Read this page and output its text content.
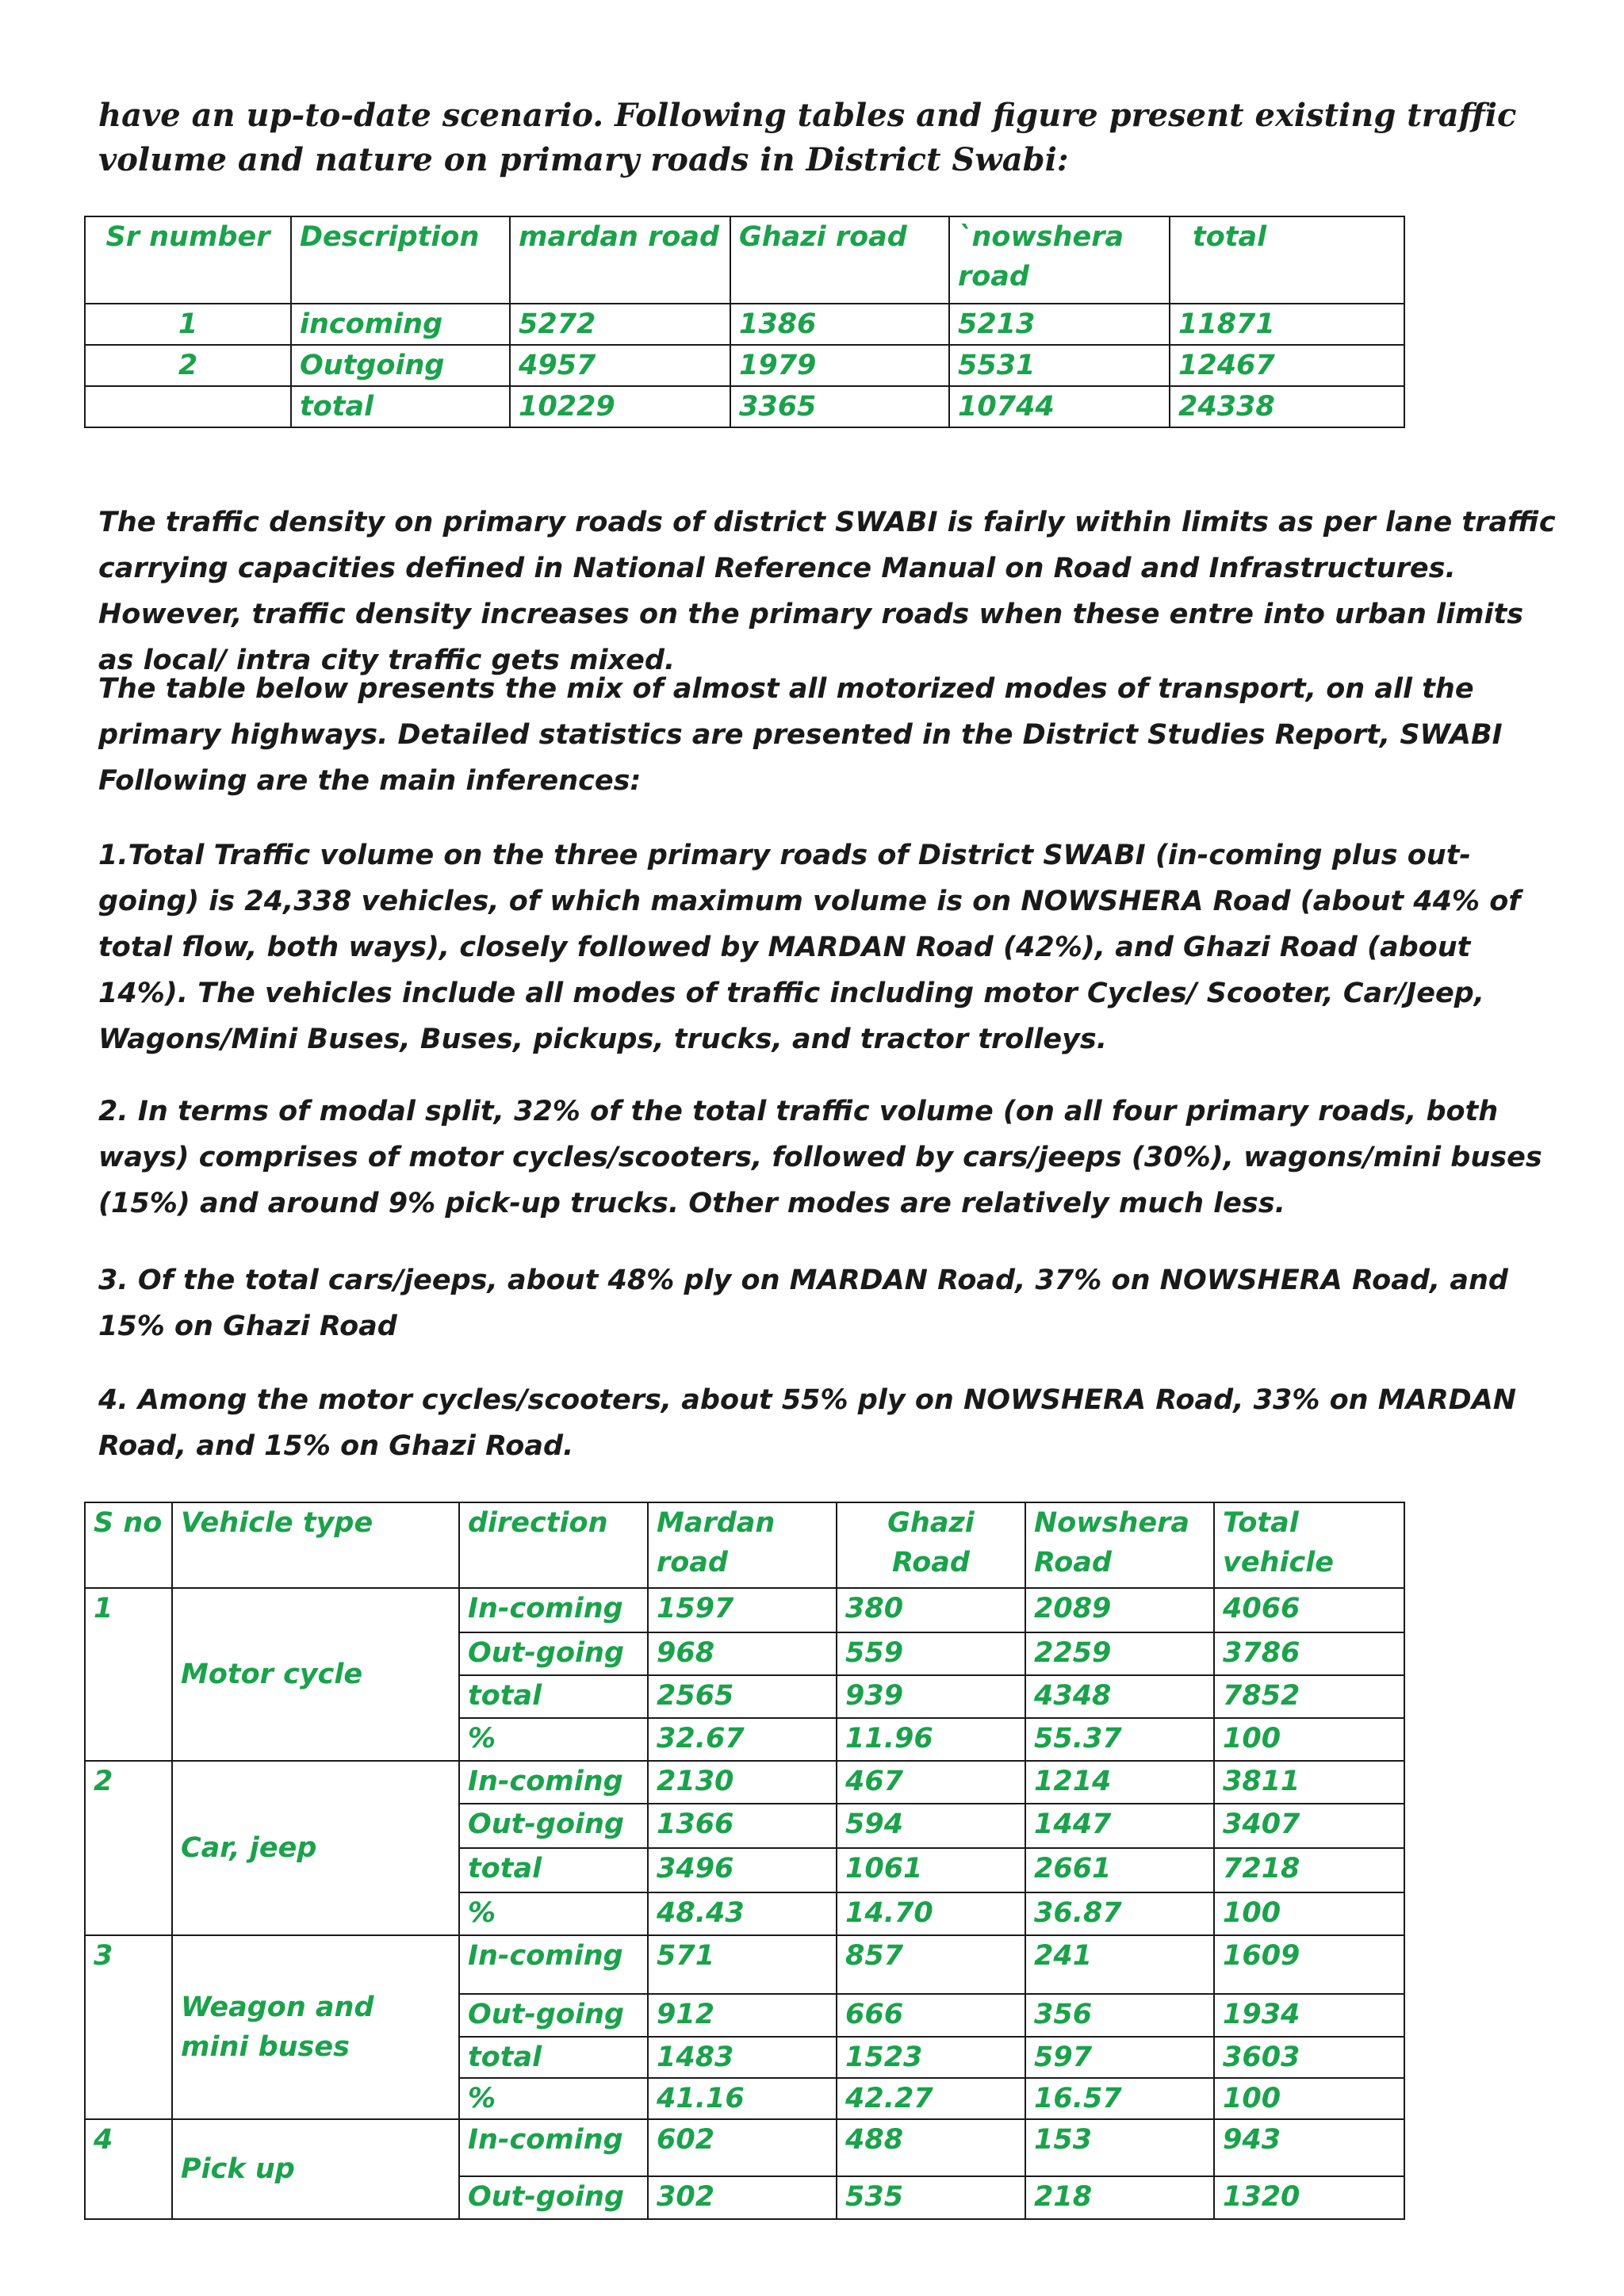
have an up-to-date scenario. Following tables and figure present existing traffic volume and nature on primary roads in District Swabi:

Sr number	Description	mardan road	Ghazi road	`nowshera road	total
1	incoming	5272	1386	5213	11871
2	Outgoing	4957	1979	5531	12467
	total	10229	3365	10744	24338

The traffic density on primary roads of district SWABI is fairly within limits as per lane traffic carrying capacities defined in National Reference Manual on Road and Infrastructures. However, traffic density increases on the primary roads when these entre into urban limits as local/ intra city traffic gets mixed.

The table below presents the mix of almost all motorized modes of transport, on all the primary highways. Detailed statistics are presented in the District Studies Report, SWABI Following are the main inferences:

1.Total Traffic volume on the three primary roads of District SWABI (in-coming plus out-going) is 24,338 vehicles, of which maximum volume is on NOWSHERA Road (about 44% of total flow, both ways), closely followed by MARDAN Road (42%), and Ghazi Road (about 14%). The vehicles include all modes of traffic including motor Cycles/ Scooter, Car/Jeep, Wagons/Mini Buses, Buses, pickups, trucks, and tractor trolleys.

2. In terms of modal split, 32% of the total traffic volume (on all four primary roads, both ways) comprises of motor cycles/scooters, followed by cars/jeeps (30%), wagons/mini buses (15%) and around 9% pick-up trucks. Other modes are relatively much less.

3. Of the total cars/jeeps, about 48% ply on MARDAN Road, 37% on NOWSHERA Road, and 15% on Ghazi Road

4. Among the motor cycles/scooters, about 55% ply on NOWSHERA Road, 33% on MARDAN Road, and 15% on Ghazi Road.

S no	Vehicle type	direction	Mardan road	Ghazi Road	Nowshera Road	Total vehicle
1	Motor cycle	In-coming	1597	380	2089	4066
		Out-going	968	559	2259	3786
		total	2565	939	4348	7852
		%	32.67	11.96	55.37	100
2	Car, jeep	In-coming	2130	467	1214	3811
		Out-going	1366	594	1447	3407
		total	3496	1061	2661	7218
		%	48.43	14.70	36.87	100
3	Weagon and mini buses	In-coming	571	857	241	1609
		Out-going	912	666	356	1934
		total	1483	1523	597	3603
		%	41.16	42.27	16.57	100
4	Pick up	In-coming	602	488	153	943
		Out-going	302	535	218	1320
